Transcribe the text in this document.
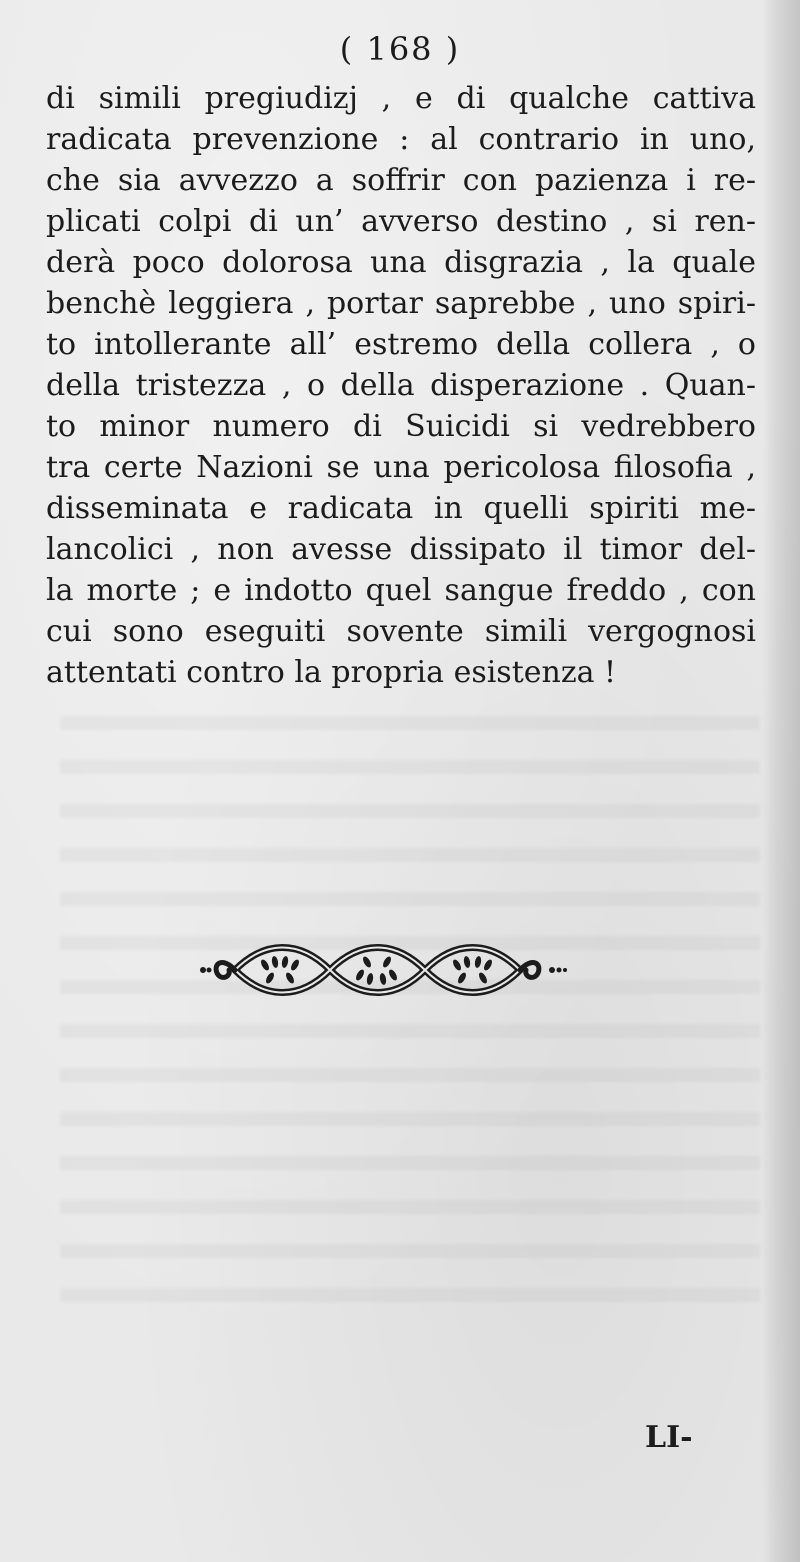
( 168 )
di simili pregiudizj , e di qualche cattiva
radicata prevenzione : al contrario in uno,
che sia avvezzo a soffrir con pazienza i re-
plicati colpi di un’ avverso destino , si ren-
derà poco dolorosa una disgrazia , la quale
benchè leggiera , portar saprebbe , uno spiri-
to intollerante all’ estremo della collera , o
della tristezza , o della disperazione . Quan-
to minor numero di Suicidi si vedrebbero
tra certe Nazioni se una pericolosa filosofia ,
disseminata e radicata in quelli spiriti me-
lancolici , non avesse dissipato il timor del-
la morte ; e indotto quel sangue freddo , con
cui sono eseguiti sovente simili vergognosi
attentati contro la propria esistenza !
LI-
